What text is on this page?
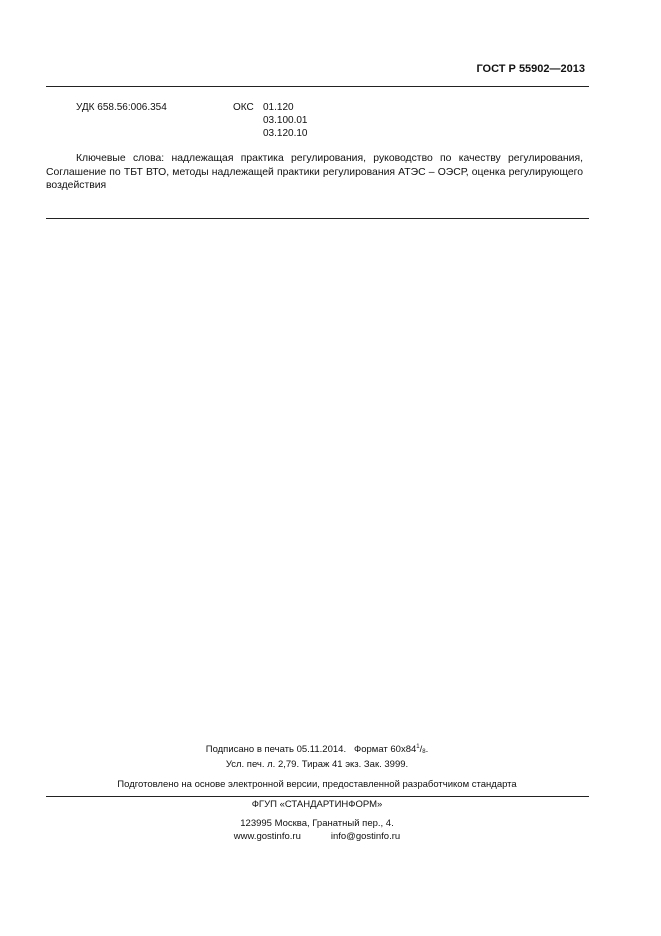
ГОСТ Р 55902—2013
УДК 658.56:006.354	ОКС 01.120
03.100.01
03.120.10
Ключевые слова: надлежащая практика регулирования, руководство по качеству регулирования, Соглашение по ТБТ ВТО, методы надлежащей практики регулирования АТЭС – ОЭСР, оценка регулирующего воздействия
Подписано в печать 05.11.2014. Формат $60x84^1/_8$.
Усл. печ. л. 2,79. Тираж 41 экз. Зак. 3999.
Подготовлено на основе электронной версии, предоставленной разработчиком стандарта
ФГУП «СТАНДАРТИНФОРМ»
123995 Москва, Гранатный пер., 4.
www.gostinfo.ru	info@gostinfo.ru
